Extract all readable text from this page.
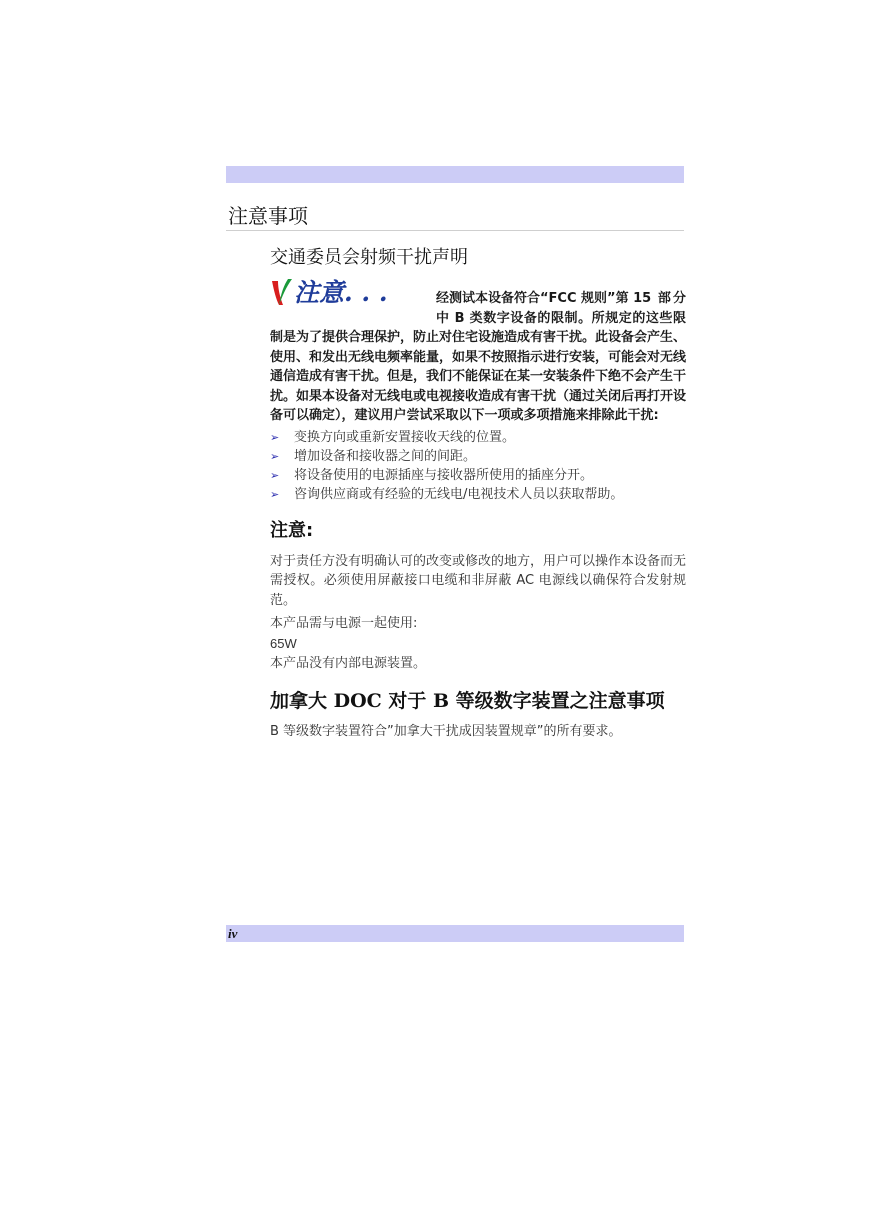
注意事项
交通委员会射频干扰声明
注意. . .	经测试本设备符合“FCC 规则”第 15 部分中 B 类数字设备的限制。所规定的这些限制是为了提供合理保护，防止对住宅设施造成有害干扰。此设备会产生、使用、和发出无线电频率能量，如果不按照指示进行安装，可能会对无线通信造成有害干扰。但是，我们不能保证在某一安装条件下绝不会产生干扰。如果本设备对无线电或电视接收造成有害干扰（通过关闭后再打开设备可以确定），建议用户尝试采取以下一项或多项措施来排除此干扰:

➢ 变换方向或重新安置接收天线的位置。
➢ 增加设备和接收器之间的间距。
➢ 将设备使用的电源插座与接收器所使用的插座分开。
➢ 咨询供应商或有经验的无线电/电视技术人员以获取帮助。
注意:

对于责任方没有明确认可的改变或修改的地方，用户可以操作本设备而无需授权。必须使用屏蔽接口电缆和非屏蔽 AC 电源线以确保符合发射规范。

本产品需与电源一起使用:

65W

本产品没有内部电源装置。

加拿大 DOC 对于 B 等级数字装置之注意事项

B 等级数字装置符合”加拿大干扰成因装置规章”的所有要求。

iv
